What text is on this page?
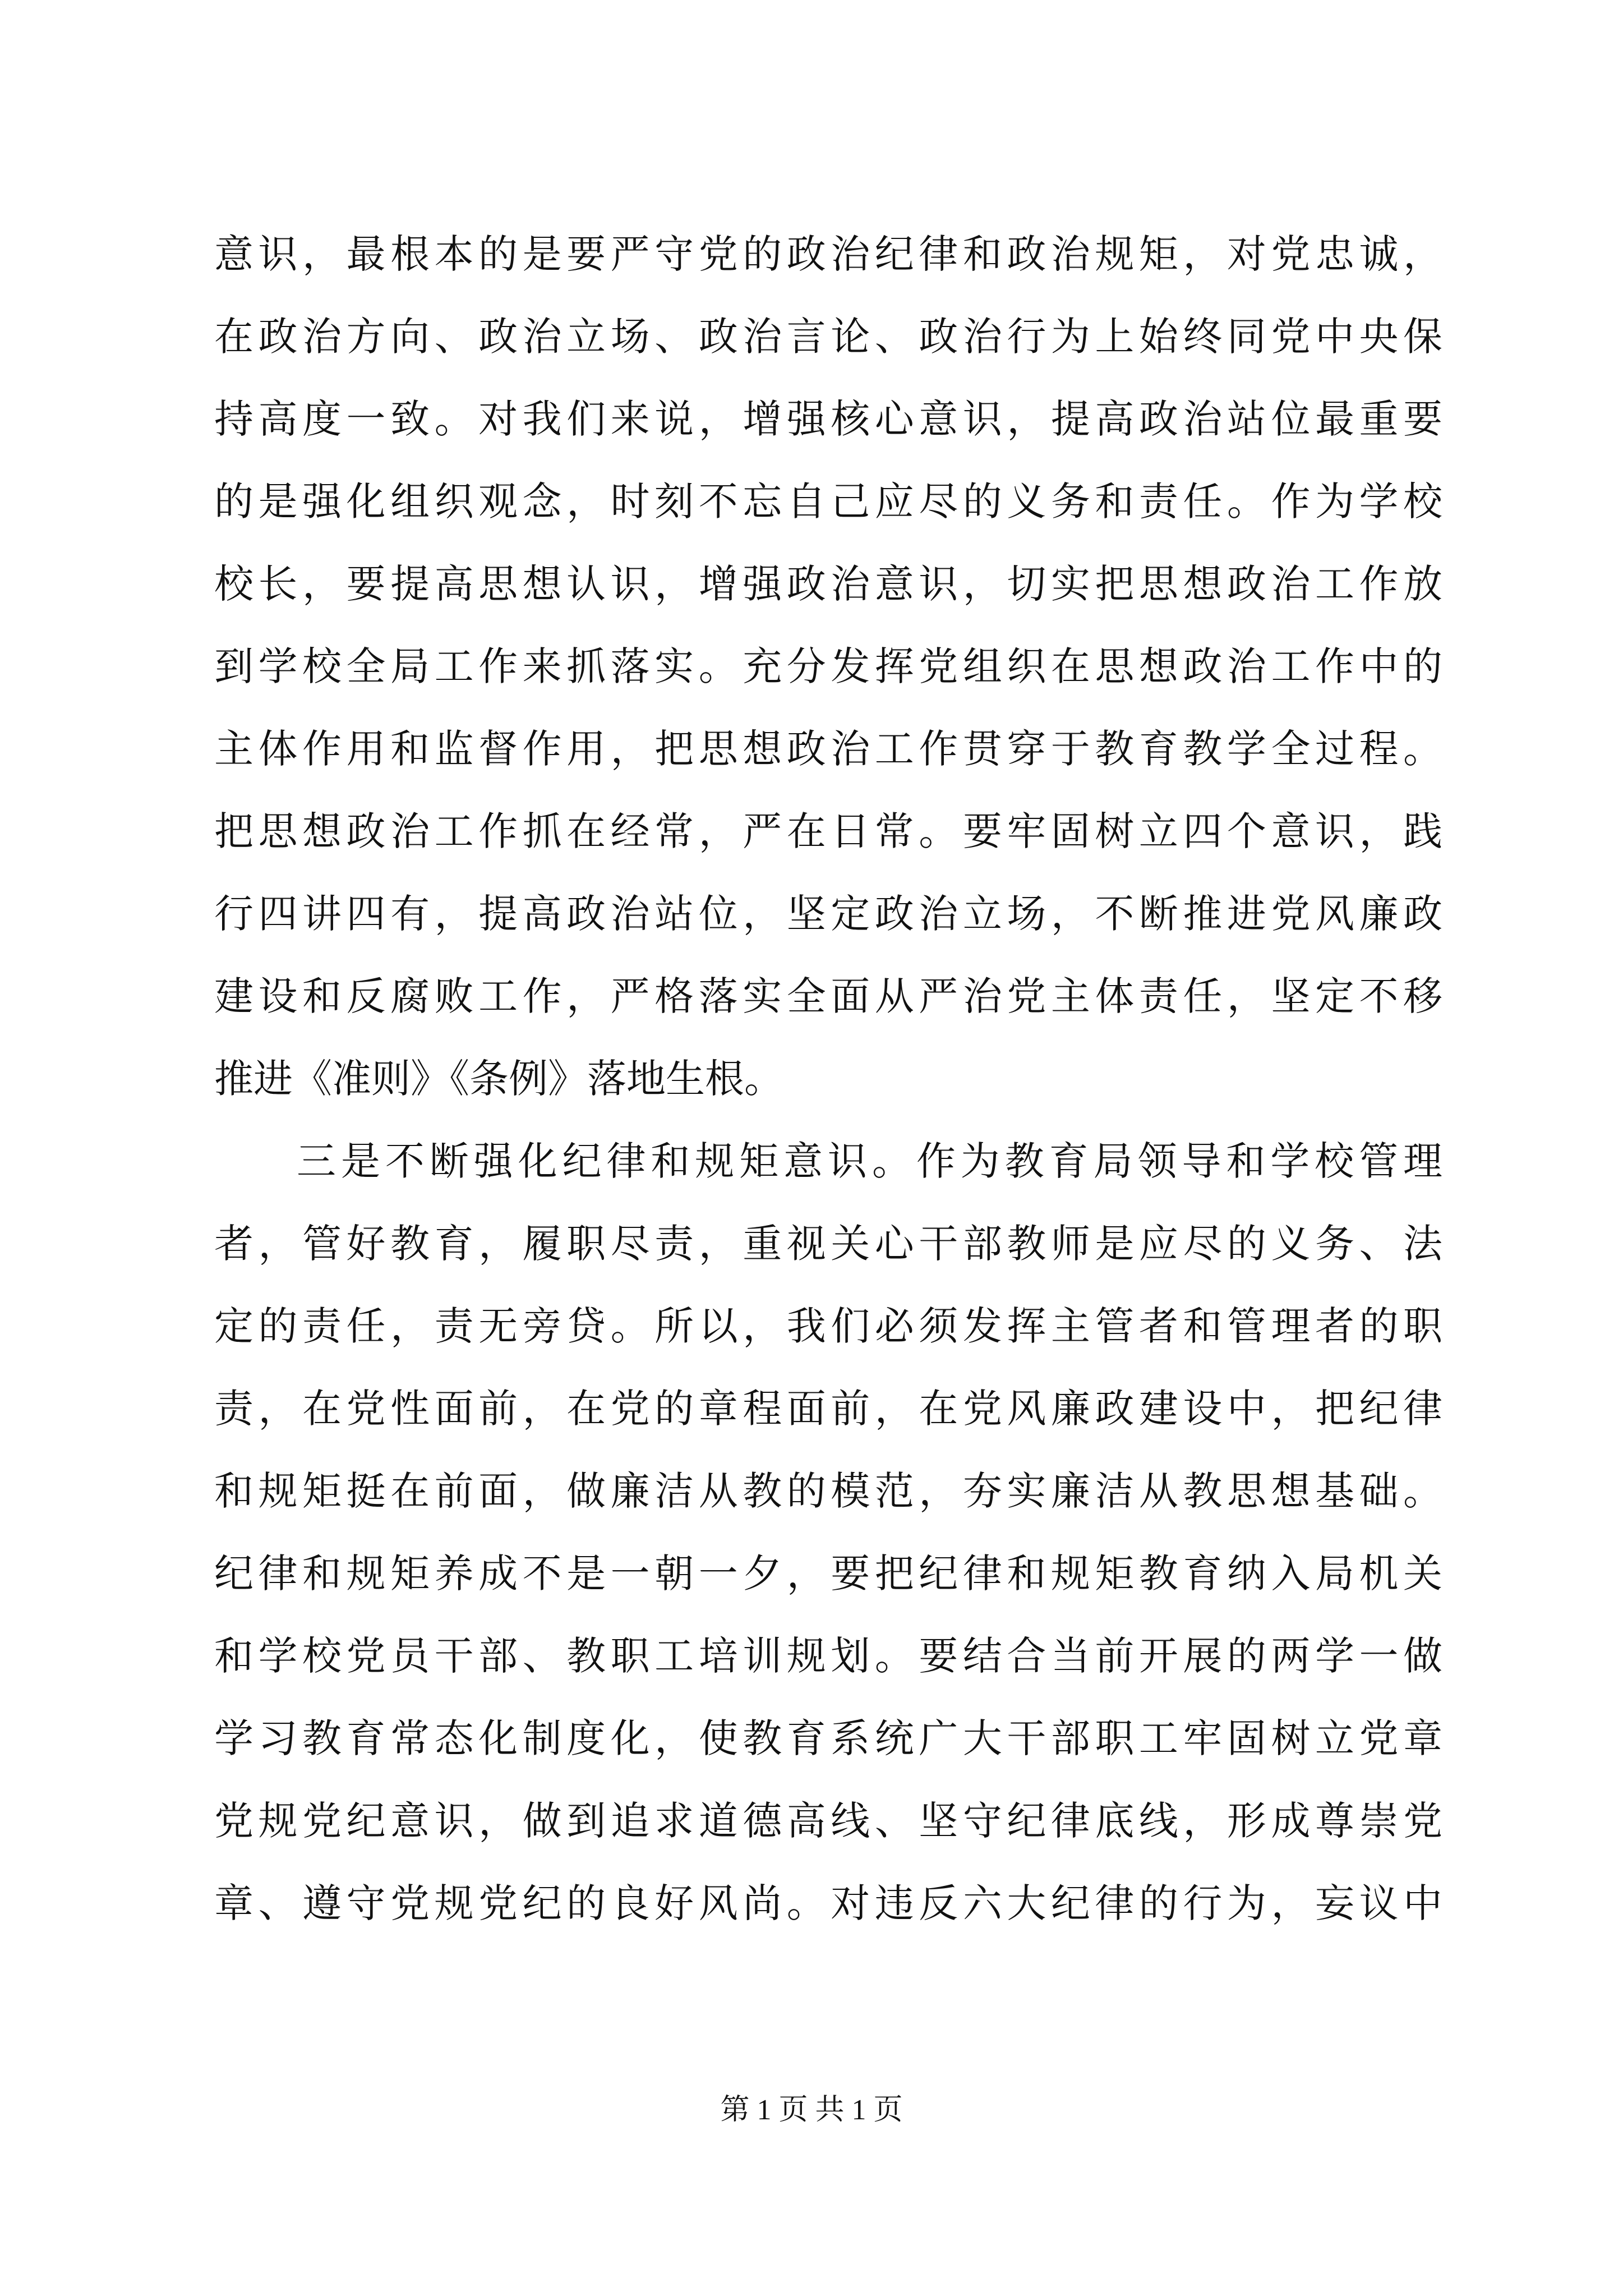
意识，最根本的是要严守党的政治纪律和政治规矩，对党忠诚，
在政治方向、政治立场、政治言论、政治行为上始终同党中央保
持高度一致。对我们来说，增强核心意识，提高政治站位最重要
的是强化组织观念，时刻不忘自己应尽的义务和责任。作为学校
校长，要提高思想认识，增强政治意识，切实把思想政治工作放
到学校全局工作来抓落实。充分发挥党组织在思想政治工作中的
主体作用和监督作用，把思想政治工作贯穿于教育教学全过程。
把思想政治工作抓在经常，严在日常。要牢固树立四个意识，践
行四讲四有，提高政治站位，坚定政治立场，不断推进党风廉政
建设和反腐败工作，严格落实全面从严治党主体责任，坚定不移
推进《准则》《条例》落地生根。
三是不断强化纪律和规矩意识。作为教育局领导和学校管理
者，管好教育，履职尽责，重视关心干部教师是应尽的义务、法
定的责任，责无旁贷。所以，我们必须发挥主管者和管理者的职
责，在党性面前，在党的章程面前，在党风廉政建设中，把纪律
和规矩挺在前面，做廉洁从教的模范，夯实廉洁从教思想基础。
纪律和规矩养成不是一朝一夕，要把纪律和规矩教育纳入局机关
和学校党员干部、教职工培训规划。要结合当前开展的两学一做
学习教育常态化制度化，使教育系统广大干部职工牢固树立党章
党规党纪意识，做到追求道德高线、坚守纪律底线，形成尊崇党
章、遵守党规党纪的良好风尚。对违反六大纪律的行为，妄议中
第 1 页 共 1 页
